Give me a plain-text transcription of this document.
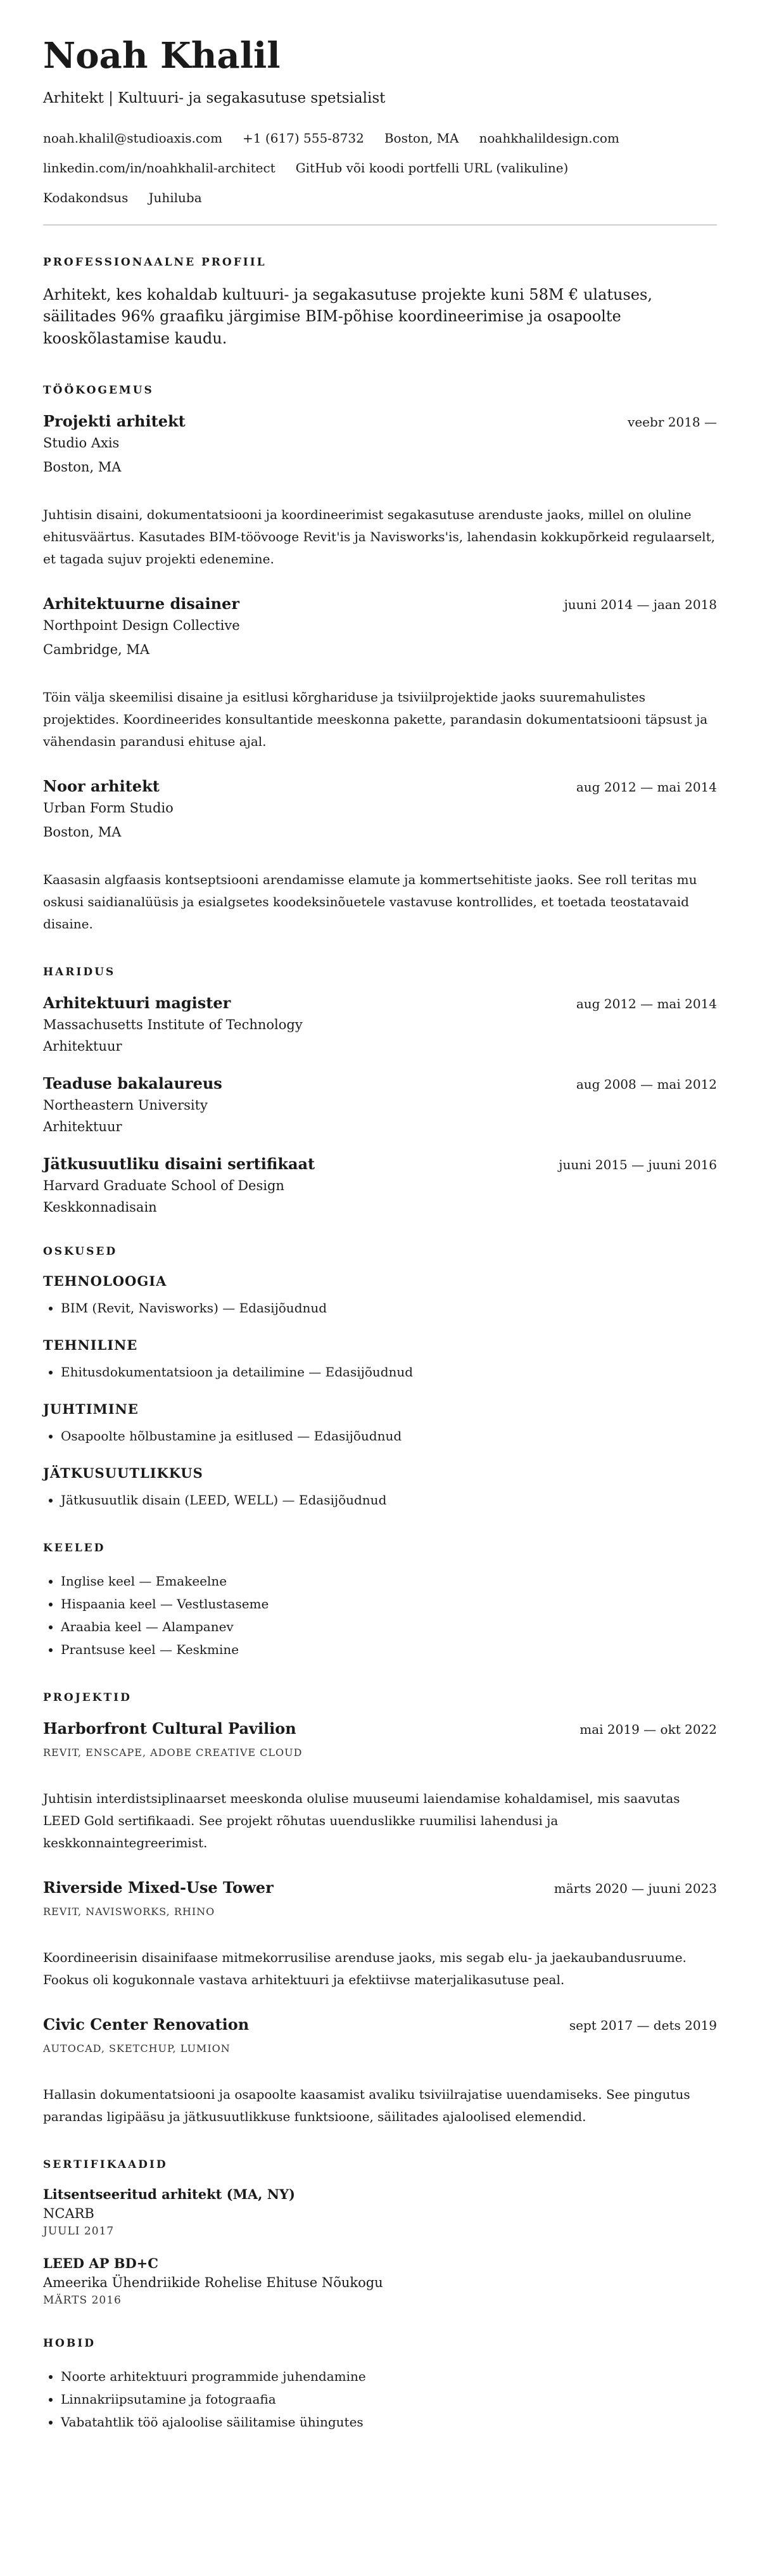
Noah Khalil
Arhitekt | Kultuuri- ja segakasutuse spetsialist
noah.khalil@studioaxis.com +1 (617) 555-8732 Boston, MA noahkhalildesign.com
linkedin.com/in/noahkhalil-architect GitHub või koodi portfelli URL (valikuline)
Kodakondsus Juhiluba
PROFESSIONAALNE PROFIIL

Arhitekt, kes kohaldab kultuuri- ja segakasutuse projekte kuni 58M € ulatuses, säilitades 96% graafiku järgimise BIM-põhise koordineerimise ja osapoolte kooskõlastamise kaudu.

TÖÖKOGEMUS
Projekti arhitekt	veebr 2018 —
Studio Axis
Boston, MA
Juhtisin disaini, dokumentatsiooni ja koordineerimist segakasutuse arenduste jaoks, millel on oluline ehitusväärtus. Kasutades BIM-töövooge Revit'is ja Navisworks'is, lahendasin kokkupõrkeid regulaarselt, et tagada sujuv projekti edenemine.
Arhitektuurne disainer	juuni 2014 — jaan 2018
Northpoint Design Collective
Cambridge, MA
Töin välja skeemilisi disaine ja esitlusi kõrghariduse ja tsiviilprojektide jaoks suuremahulistes projektides. Koordineerides konsultantide meeskonna pakette, parandasin dokumentatsiooni täpsust ja vähendasin parandusi ehituse ajal.
Noor arhitekt	aug 2012 — mai 2014
Urban Form Studio
Boston, MA
Kaasasin algfaasis kontseptsiooni arendamisse elamute ja kommertsehitiste jaoks. See roll teritas mu oskusi saidianalüüsis ja esialgsetes koodeksinõuetele vastavuse kontrollides, et toetada teostatavaid disaine.
HARIDUS
Arhitektuuri magister	aug 2012 — mai 2014
Massachusetts Institute of Technology
Arhitektuur
Teaduse bakalaureus	aug 2008 — mai 2012
Northeastern University
Arhitektuur
Jätkusuutliku disaini sertifikaat	juuni 2015 — juuni 2016
Harvard Graduate School of Design
Keskkonnadisain
OSKUSED
TEHNOLOOGIA
• BIM (Revit, Navisworks) — Edasijõudnud
TEHNILINE
• Ehitusdokumentatsioon ja detailimine — Edasijõudnud
JUHTIMINE
• Osapoolte hõlbustamine ja esitlused — Edasijõudnud
JÄTKUSUUTLIKKUS
• Jätkusuutlik disain (LEED, WELL) — Edasijõudnud
KEELED
• Inglise keel — Emakeelne
• Hispaania keel — Vestlustaseme
• Araabia keel — Alampanev
• Prantsuse keel — Keskmine
PROJEKTID
Harborfront Cultural Pavilion	mai 2019 — okt 2022
REVIT, ENSCAPE, ADOBE CREATIVE CLOUD
Juhtisin interdistsiplinaarset meeskonda olulise muuseumi laiendamise kohaldamisel, mis saavutas LEED Gold sertifikaadi. See projekt rõhutas uuenduslikke ruumilisi lahendusi ja keskkonnaintegreerimist.
Riverside Mixed-Use Tower	märts 2020 — juuni 2023
REVIT, NAVISWORKS, RHINO
Koordineerisin disainifaase mitmekorrusilise arenduse jaoks, mis segab elu- ja jaekaubandusruume. Fookus oli kogukonnale vastava arhitektuuri ja efektiivse materjalikasutuse peal.
Civic Center Renovation	sept 2017 — dets 2019
AUTOCAD, SKETCHUP, LUMION
Hallasin dokumentatsiooni ja osapoolte kaasamist avaliku tsiviilrajatise uuendamiseks. See pingutus parandas ligipääsu ja jätkusuutlikkuse funktsioone, säilitades ajaloolised elemendid.
SERTIFIKAADID
Litsentseeritud arhitekt (MA, NY)
NCARB
JUULI 2017
LEED AP BD+C
Ameerika Ühendriikide Rohelise Ehituse Nõukogu
MÄRTS 2016
HOBID
• Noorte arhitektuuri programmide juhendamine
• Linnakriipsutamine ja fotograafia
• Vabatahtlik töö ajaloolise säilitamise ühingutes
